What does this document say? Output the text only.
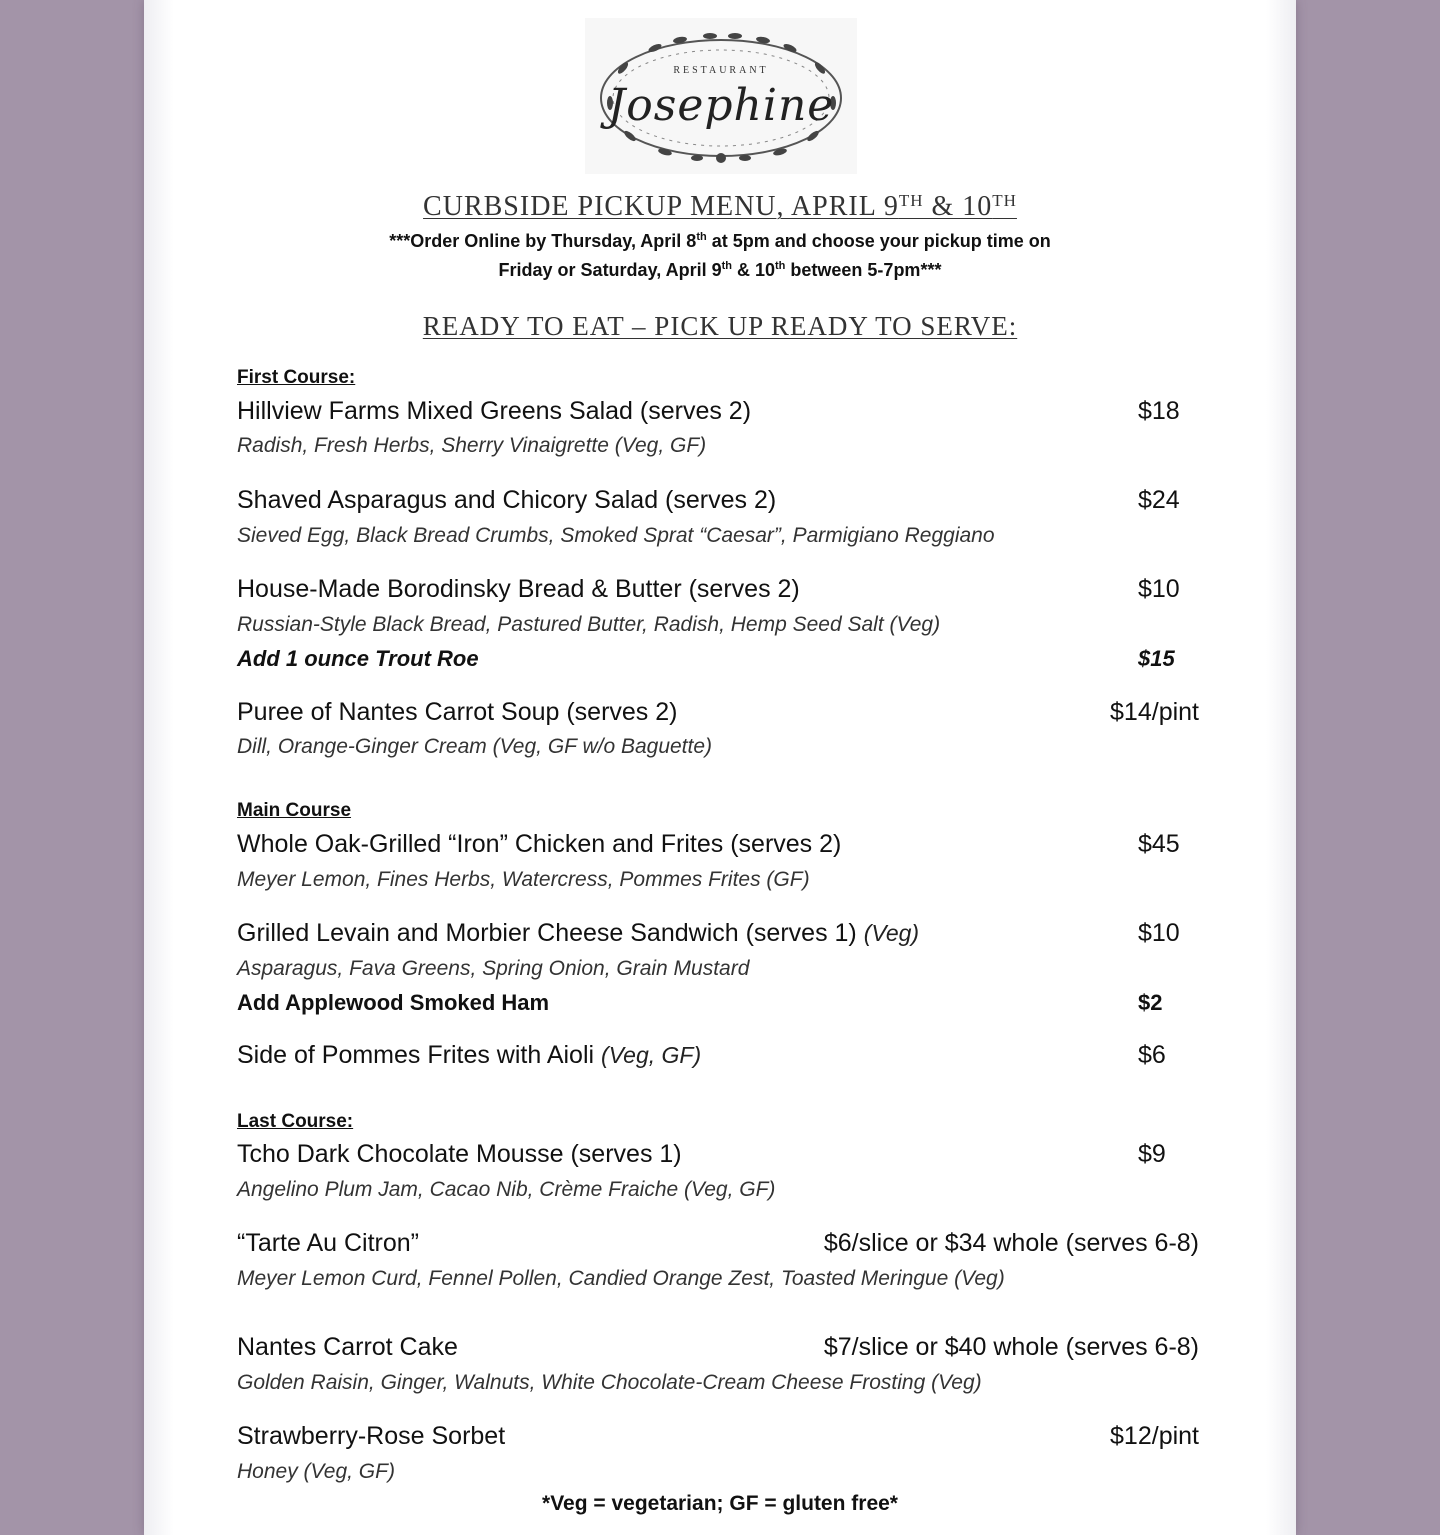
RESTAURANT
Josephine
CURBSIDE PICKUP MENU, APRIL 9TH & 10TH
***Order Online by Thursday, April 8th at 5pm and choose your pickup time on
Friday or Saturday, April 9th & 10th between 5-7pm***
READY TO EAT – PICK UP READY TO SERVE:
First Course:
Hillview Farms Mixed Greens Salad (serves 2)	$18
Radish, Fresh Herbs, Sherry Vinaigrette (Veg, GF)
Shaved Asparagus and Chicory Salad (serves 2)	$24
Sieved Egg, Black Bread Crumbs, Smoked Sprat “Caesar”, Parmigiano Reggiano
House-Made Borodinsky Bread & Butter (serves 2)	$10
Russian-Style Black Bread, Pastured Butter, Radish, Hemp Seed Salt (Veg)
Add 1 ounce Trout Roe	$15
Puree of Nantes Carrot Soup (serves 2)	$14/pint
Dill, Orange-Ginger Cream (Veg, GF w/o Baguette)
Main Course
Whole Oak-Grilled “Iron” Chicken and Frites (serves 2)	$45
Meyer Lemon, Fines Herbs, Watercress, Pommes Frites (GF)
Grilled Levain and Morbier Cheese Sandwich (serves 1) (Veg)	$10
Asparagus, Fava Greens, Spring Onion, Grain Mustard
Add Applewood Smoked Ham	$2
Side of Pommes Frites with Aioli (Veg, GF)	$6
Last Course:
Tcho Dark Chocolate Mousse (serves 1)	$9
Angelino Plum Jam, Cacao Nib, Crème Fraiche (Veg, GF)
“Tarte Au Citron”	$6/slice or $34 whole (serves 6-8)
Meyer Lemon Curd, Fennel Pollen, Candied Orange Zest, Toasted Meringue (Veg)
Nantes Carrot Cake	$7/slice or $40 whole (serves 6-8)
Golden Raisin, Ginger, Walnuts, White Chocolate-Cream Cheese Frosting (Veg)
Strawberry-Rose Sorbet	$12/pint
Honey (Veg, GF)
*Veg = vegetarian; GF = gluten free*
